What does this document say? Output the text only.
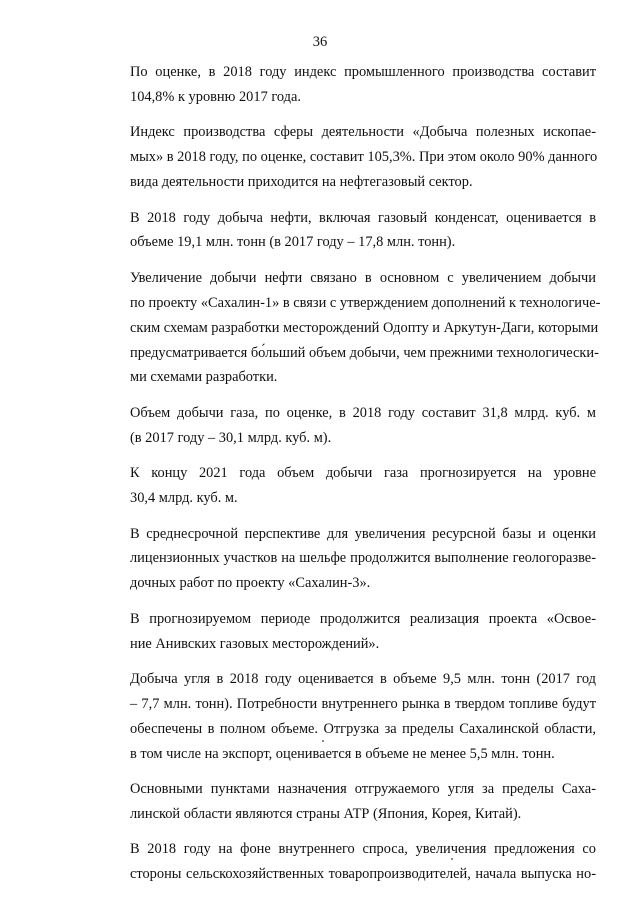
36

По оценке, в 2018 году индекс промышленного производства составит
104,8% к уровню 2017 года.

Индекс производства сферы деятельности «Добыча полезных ископае-
мых» в 2018 году, по оценке, составит 105,3%. При этом около 90% данного
вида деятельности приходится на нефтегазовый сектор.

В 2018 году добыча нефти, включая газовый конденсат, оценивается в
объеме 19,1 млн. тонн (в 2017 году – 17,8 млн. тонн).

Увеличение добычи нефти связано в основном с увеличением добычи
по проекту «Сахалин-1» в связи с утверждением дополнений к технологиче-
ским схемам разработки месторождений Одопту и Аркутун-Даги, которыми
предусматривается бо́льший объем добычи, чем прежними технологически-
ми схемами разработки.

Объем добычи газа, по оценке, в 2018 году составит 31,8 млрд. куб. м
(в 2017 году – 30,1 млрд. куб. м).

К концу 2021 года объем добычи газа прогнозируется на уровне
30,4 млрд. куб. м.

В среднесрочной перспективе для увеличения ресурсной базы и оценки
лицензионных участков на шельфе продолжится выполнение геологоразве-
дочных работ по проекту «Сахалин-3».

В прогнозируемом периоде продолжится реализация проекта «Освое-
ние Анивских газовых месторождений».

Добыча угля в 2018 году оценивается в объеме 9,5 млн. тонн (2017 год
– 7,7 млн. тонн). Потребности внутреннего рынка в твердом топливе будут
обеспечены в полном объеме. Отгрузка за пределы Сахалинской области,
в том числе на экспорт, оценивается в объеме не менее 5,5 млн. тонн.

Основными пунктами назначения отгружаемого угля за пределы Саха-
линской области являются страны АТР (Япония, Корея, Китай).

В 2018 году на фоне внутреннего спроса, увеличения предложения со
стороны сельскохозяйственных товаропроизводителей, начала выпуска но-
